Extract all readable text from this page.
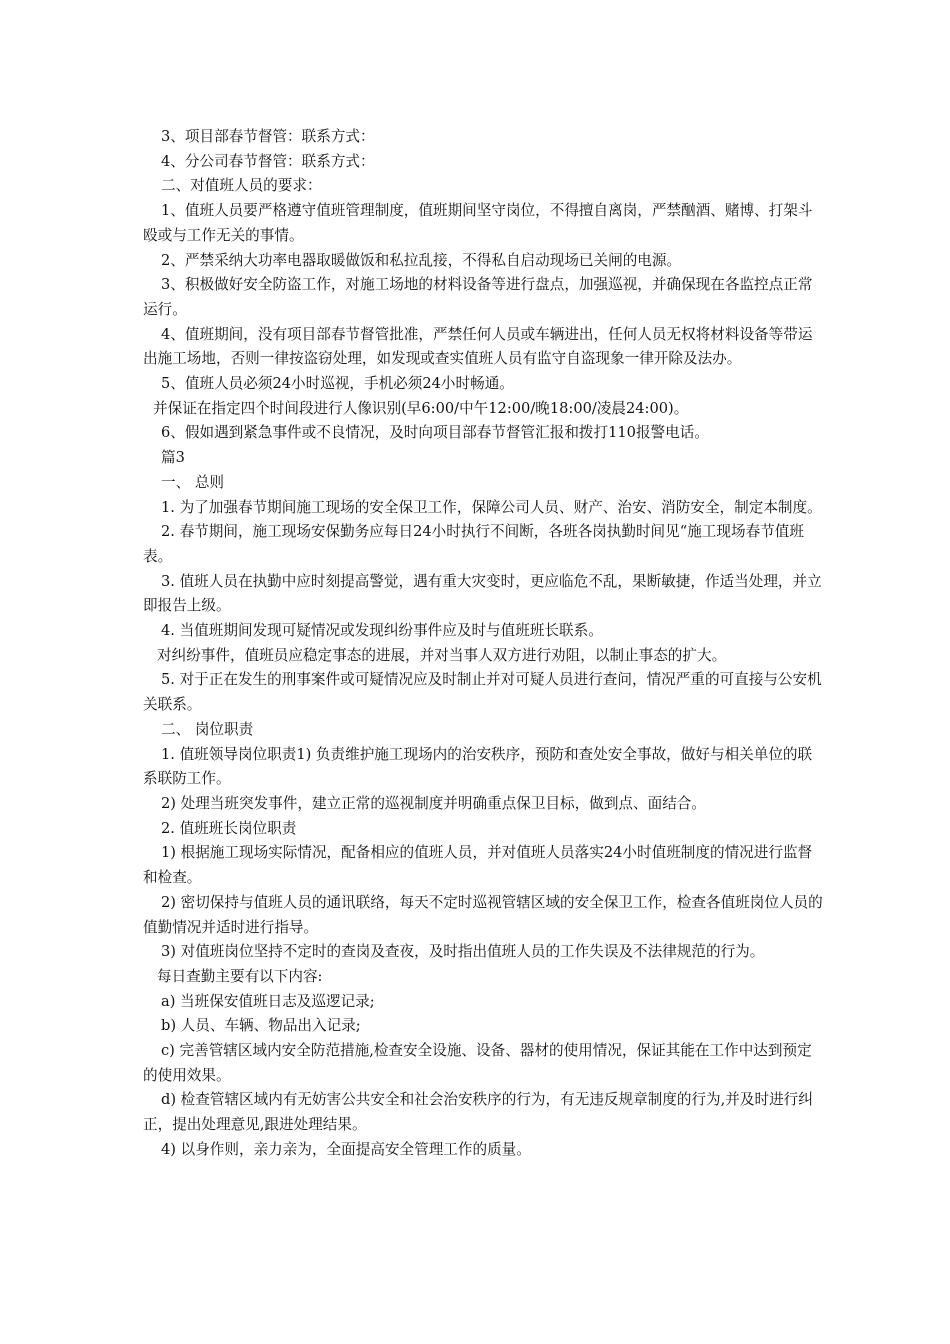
3、项目部春节督管：联系方式：

4、分公司春节督管：联系方式：

二、对值班人员的要求：

1、值班人员要严格遵守值班管理制度，值班期间坚守岗位，不得擅自离岗，严禁酗酒、赌博、打架斗殴或与工作无关的事情。

2、严禁采纳大功率电器取暖做饭和私拉乱接，不得私自启动现场已关闸的电源。

3、积极做好安全防盗工作，对施工场地的材料设备等进行盘点，加强巡视，并确保现在各监控点正常运行。

4、值班期间，没有项目部春节督管批准，严禁任何人员或车辆进出，任何人员无权将材料设备等带运出施工场地，否则一律按盗窃处理，如发现或查实值班人员有监守自盗现象一律开除及法办。

5、值班人员必须24小时巡视，手机必须24小时畅通。

并保证在指定四个时间段进行人像识别(早6:00/中午12:00/晚18:00/凌晨24:00)。

6、假如遇到紧急事件或不良情况，及时向项目部春节督管汇报和拨打110报警电话。

篇3

一、 总则

1. 为了加强春节期间施工现场的安全保卫工作，保障公司人员、财产、治安、消防安全，制定本制度。

2. 春节期间，施工现场安保勤务应每日24小时执行不间断，各班各岗执勤时间见“施工现场春节值班表。

3. 值班人员在执勤中应时刻提高警觉，遇有重大灾变时，更应临危不乱，果断敏捷，作适当处理，并立即报告上级。

4. 当值班期间发现可疑情况或发现纠纷事件应及时与值班班长联系。

对纠纷事件，值班员应稳定事态的进展，并对当事人双方进行劝阻，以制止事态的扩大。

5. 对于正在发生的刑事案件或可疑情况应及时制止并对可疑人员进行查问，情况严重的可直接与公安机关联系。

二、 岗位职责

1. 值班领导岗位职责1) 负责维护施工现场内的治安秩序，预防和查处安全事故，做好与相关单位的联系联防工作。

2) 处理当班突发事件，建立正常的巡视制度并明确重点保卫目标，做到点、面结合。

2. 值班班长岗位职责

1) 根据施工现场实际情况，配备相应的值班人员，并对值班人员落实24小时值班制度的情况进行监督和检查。

2) 密切保持与值班人员的通讯联络，每天不定时巡视管辖区域的安全保卫工作，检查各值班岗位人员的值勤情况并适时进行指导。

3) 对值班岗位坚持不定时的查岗及查夜，及时指出值班人员的工作失误及不法律规范的行为。

每日查勤主要有以下内容:

a) 当班保安值班日志及巡逻记录;

b) 人员、车辆、物品出入记录;

c) 完善管辖区域内安全防范措施,检查安全设施、设备、器材的使用情况，保证其能在工作中达到预定的使用效果。

d) 检查管辖区域内有无妨害公共安全和社会治安秩序的行为，有无违反规章制度的行为,并及时进行纠正，提出处理意见,跟进处理结果。

4) 以身作则，亲力亲为，全面提高安全管理工作的质量。
